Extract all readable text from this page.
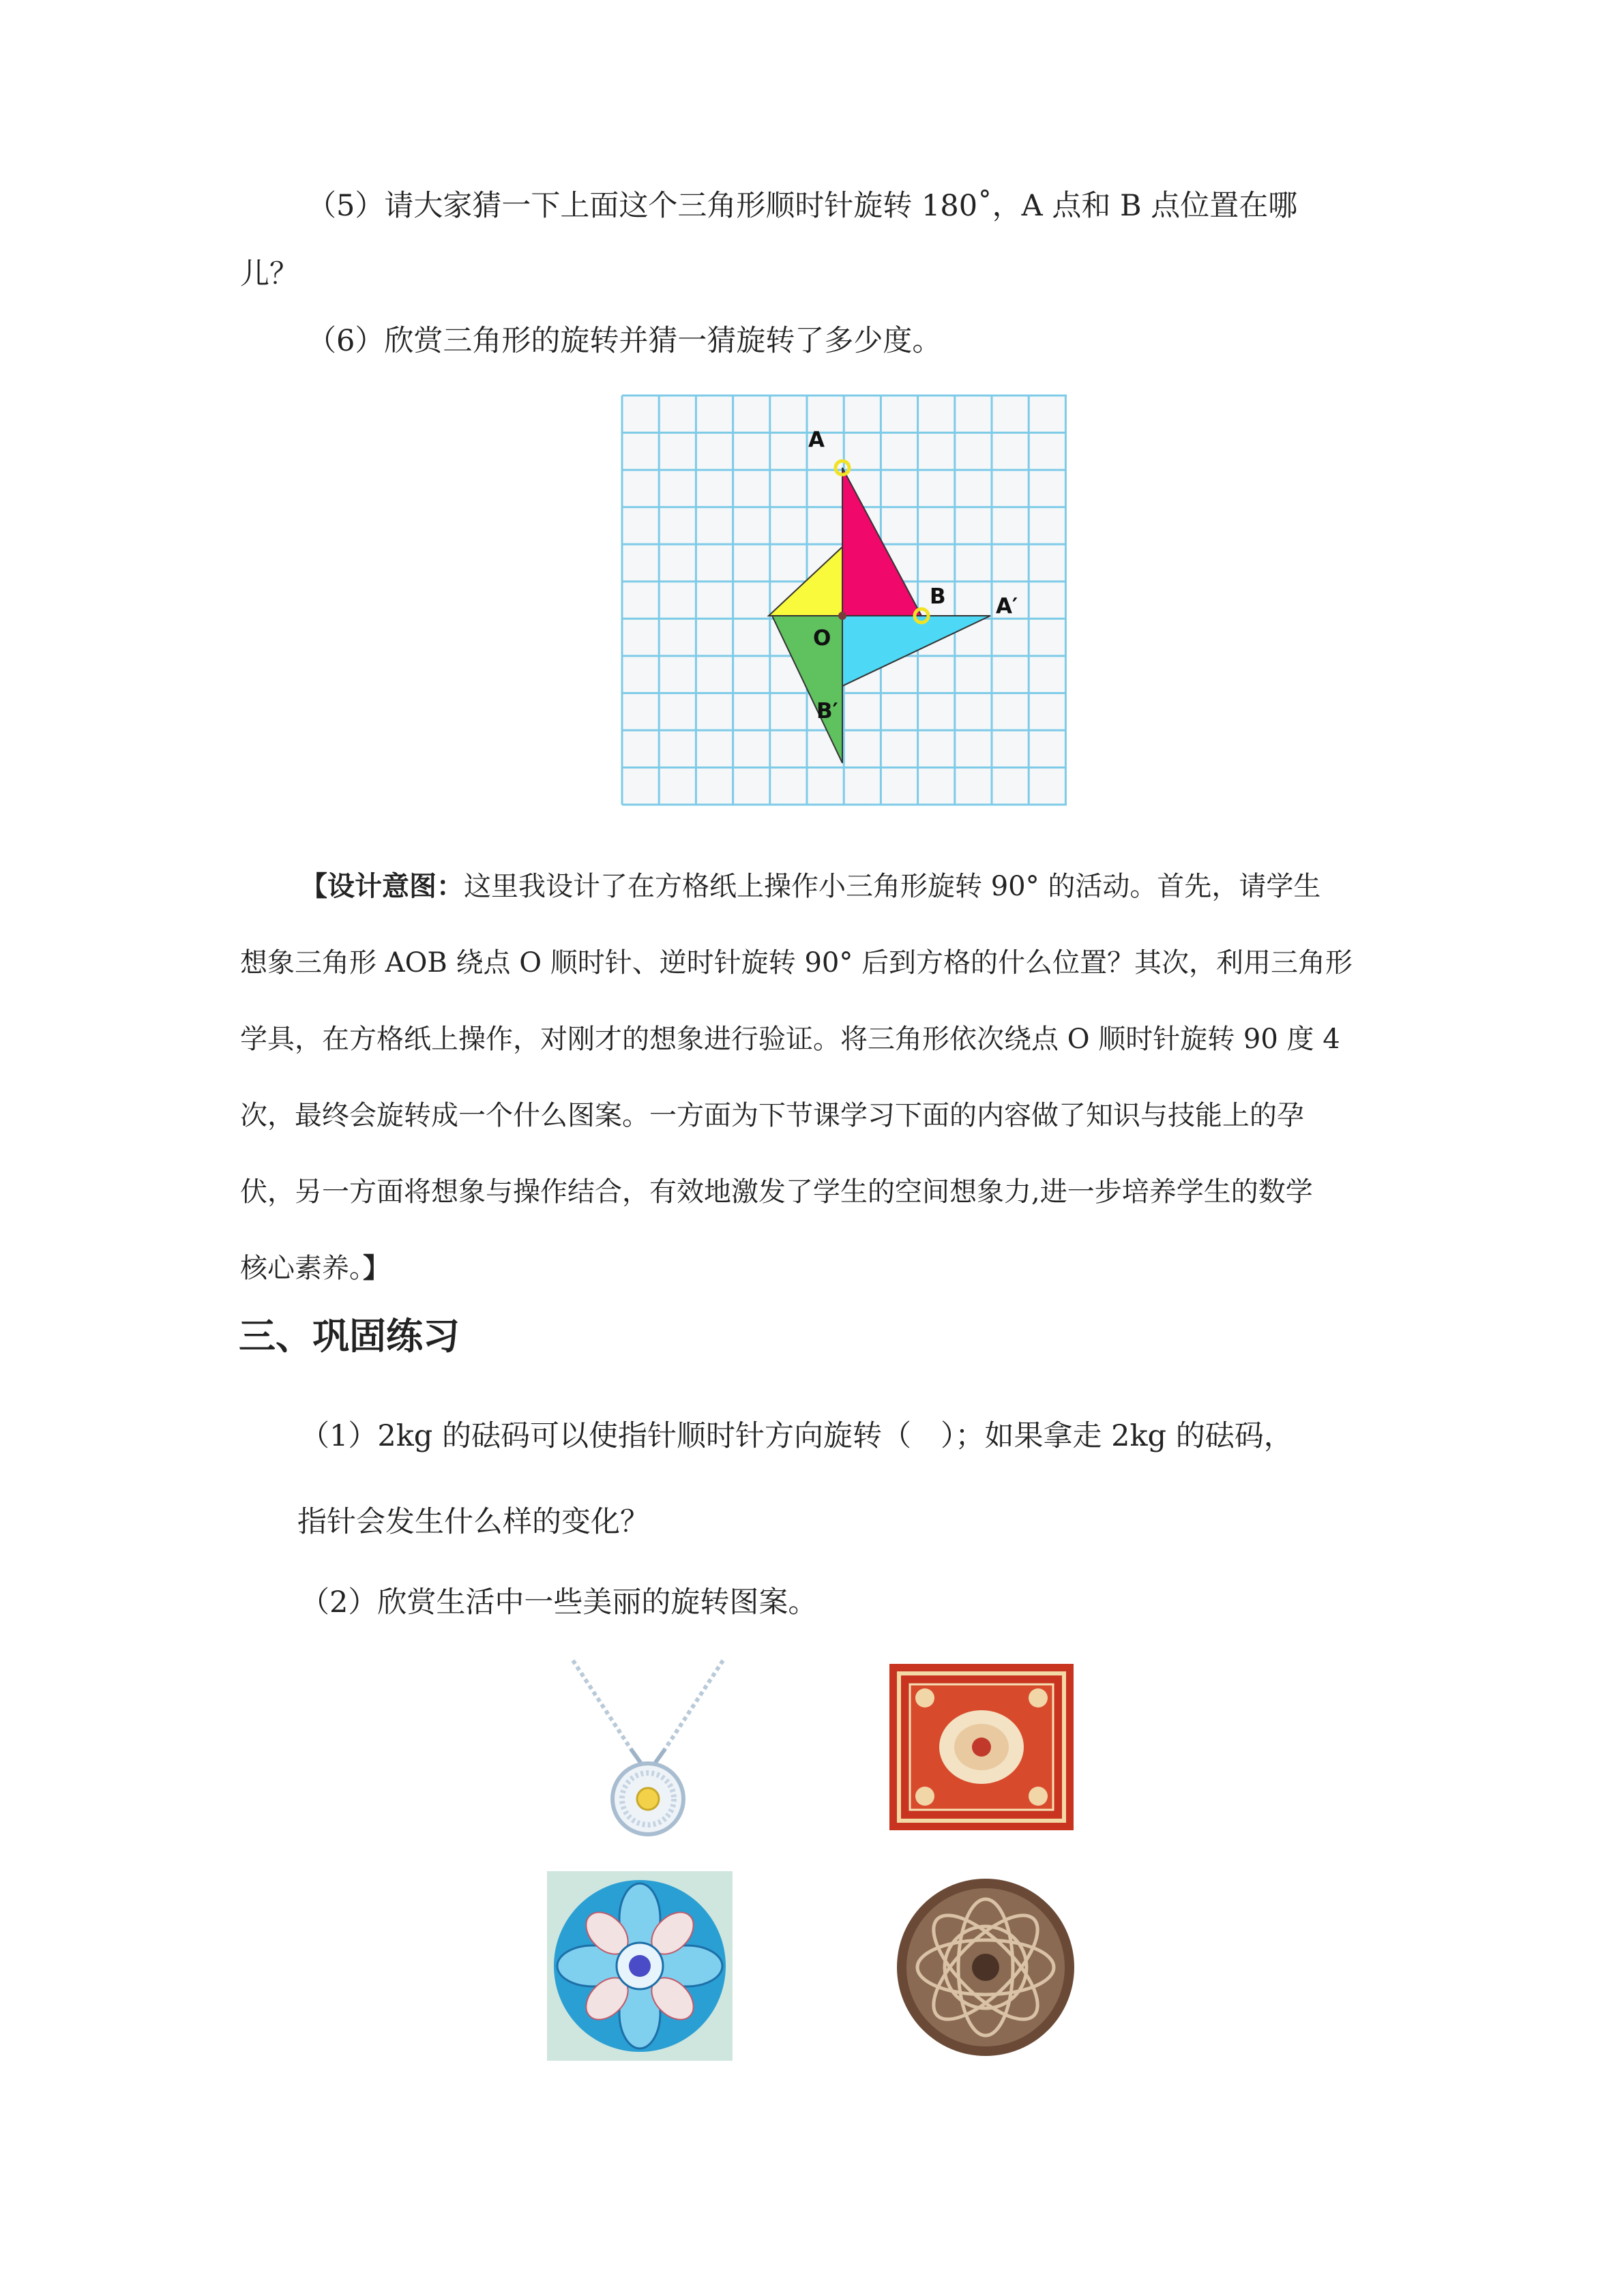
（5）请大家猜一下上面这个三角形顺时针旋转 180˚，A 点和 B 点位置在哪
儿？
（6）欣赏三角形的旋转并猜一猜旋转了多少度。
A
B
O
A′
B′
【设计意图：这里我设计了在方格纸上操作小三角形旋转 90° 的活动。首先，请学生
想象三角形 AOB 绕点 O 顺时针、逆时针旋转 90° 后到方格的什么位置？其次，利用三角形
学具，在方格纸上操作，对刚才的想象进行验证。将三角形依次绕点 O 顺时针旋转 90 度 4
次，最终会旋转成一个什么图案。一方面为下节课学习下面的内容做了知识与技能上的孕
伏，另一方面将想象与操作结合，有效地激发了学生的空间想象力,进一步培养学生的数学
核心素养。】
三、巩固练习
（1）2kg 的砝码可以使指针顺时针方向旋转（　）；如果拿走 2kg 的砝码，
指针会发生什么样的变化？
（2）欣赏生活中一些美丽的旋转图案。
